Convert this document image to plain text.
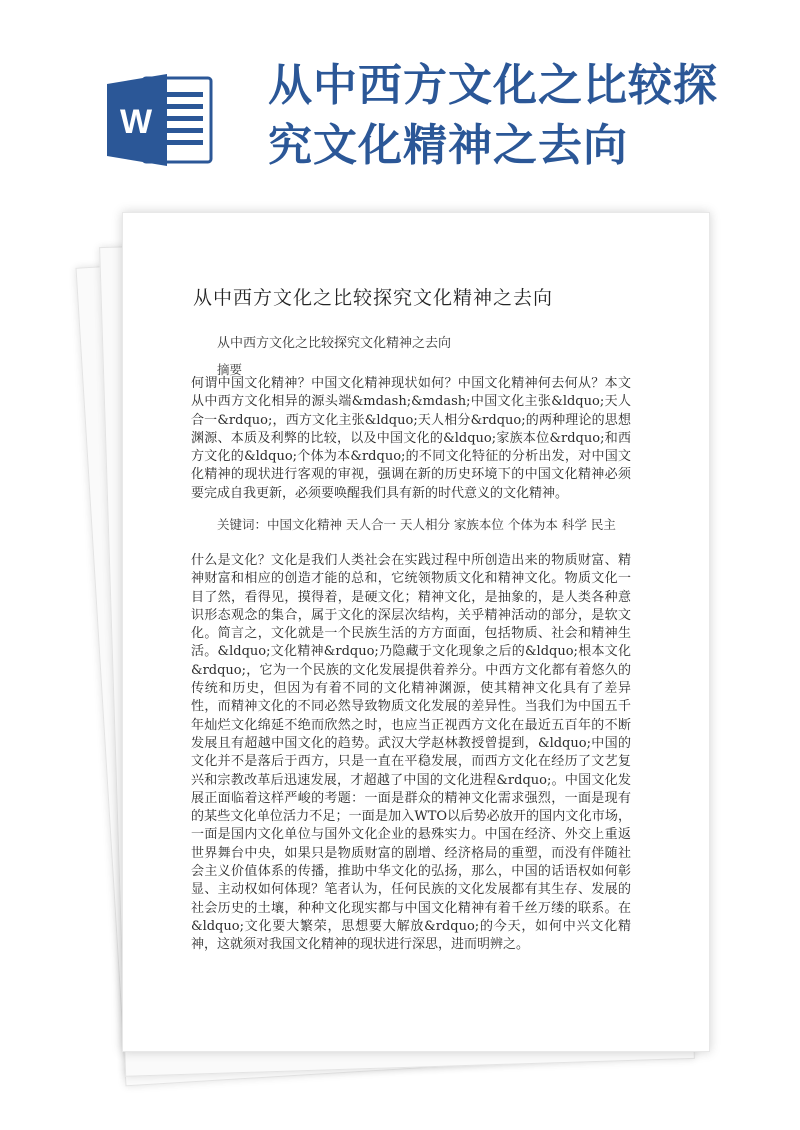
W
从中西方文化之比较探究文化精神之去向
从中西方文化之比较探究文化精神之去向
从中西方文化之比较探究文化精神之去向
摘要
何谓中国文化精神？中国文化精神现状如何？中国文化精神何去何从？本文从中西方文化相异的源头端&mdash;&mdash;中国文化主张&ldquo;天人合一&rdquo;，西方文化主张&ldquo;天人相分&rdquo;的两种理论的思想渊源、本质及利弊的比较，以及中国文化的&ldquo;家族本位&rdquo;和西方文化的&ldquo;个体为本&rdquo;的不同文化特征的分析出发，对中国文化精神的现状进行客观的审视，强调在新的历史环境下的中国文化精神必须要完成自我更新，必须要唤醒我们具有新的时代意义的文化精神。
关键词：中国文化精神 天人合一 天人相分 家族本位 个体为本 科学 民主
什么是文化？文化是我们人类社会在实践过程中所创造出来的物质财富、精神财富和相应的创造才能的总和，它统领物质文化和精神文化。物质文化一目了然，看得见，摸得着，是硬文化；精神文化，是抽象的，是人类各种意识形态观念的集合，属于文化的深层次结构，关乎精神活动的部分，是软文化。简言之，文化就是一个民族生活的方方面面，包括物质、社会和精神生活。&ldquo;文化精神&rdquo;乃隐藏于文化现象之后的&ldquo;根本文化&rdquo;，它为一个民族的文化发展提供着养分。中西方文化都有着悠久的传统和历史，但因为有着不同的文化精神渊源，使其精神文化具有了差异性，而精神文化的不同必然导致物质文化发展的差异性。当我们为中国五千年灿烂文化绵延不绝而欣然之时，也应当正视西方文化在最近五百年的不断发展且有超越中国文化的趋势。武汉大学赵林教授曾提到，&ldquo;中国的文化并不是落后于西方，只是一直在平稳发展，而西方文化在经历了文艺复兴和宗教改革后迅速发展，才超越了中国的文化进程&rdquo;。中国文化发展正面临着这样严峻的考题：一面是群众的精神文化需求强烈，一面是现有的某些文化单位活力不足；一面是加入WTO以后势必放开的国内文化市场，一面是国内文化单位与国外文化企业的悬殊实力。中国在经济、外交上重返世界舞台中央，如果只是物质财富的剧增、经济格局的重塑，而没有伴随社会主义价值体系的传播，推助中华文化的弘扬，那么，中国的话语权如何彰显、主动权如何体现？笔者认为，任何民族的文化发展都有其生存、发展的社会历史的土壤，种种文化现实都与中国文化精神有着千丝万缕的联系。在&ldquo;文化要大繁荣，思想要大解放&rdquo;的今天，如何中兴文化精神，这就须对我国文化精神的现状进行深思，进而明辨之。
